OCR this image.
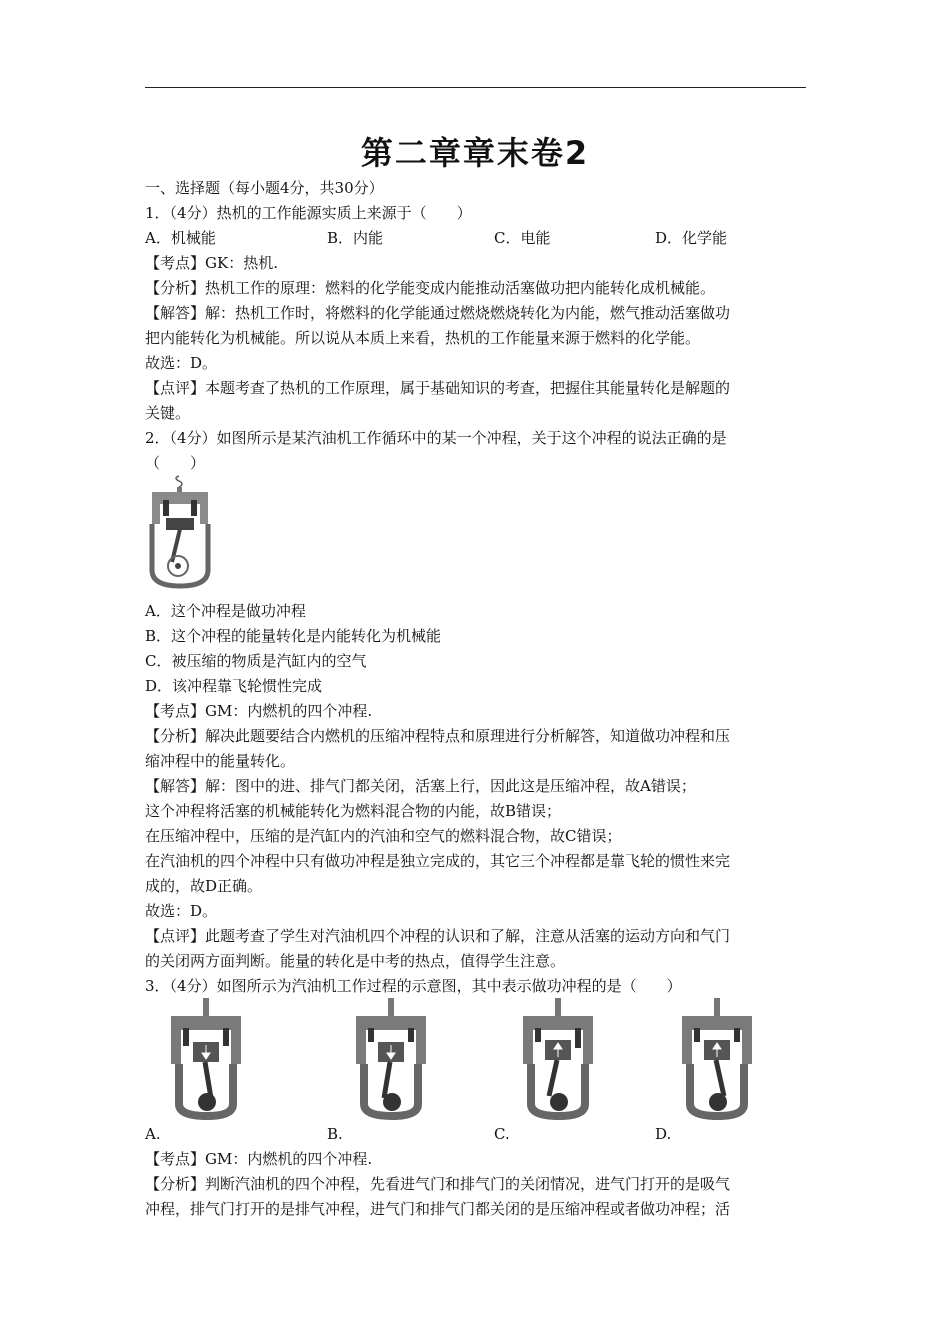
第二章章末卷2
一、选择题（每小题4分，共30分）
1．（4分）热机的工作能源实质上来源于（　　）
A．机械能	B．内能	C．电能	D．化学能
【考点】GK：热机.
【分析】热机工作的原理：燃料的化学能变成内能推动活塞做功把内能转化成机械能。
【解答】解：热机工作时，将燃料的化学能通过燃烧燃烧转化为内能，燃气推动活塞做功
把内能转化为机械能。所以说从本质上来看，热机的工作能量来源于燃料的化学能。
故选：D。
【点评】本题考查了热机的工作原理，属于基础知识的考查，把握住其能量转化是解题的
关键。
2．（4分）如图所示是某汽油机工作循环中的某一个冲程，关于这个冲程的说法正确的是
（　　）
A．这个冲程是做功冲程
B．这个冲程的能量转化是内能转化为机械能
C．被压缩的物质是汽缸内的空气
D．该冲程靠飞轮惯性完成
【考点】GM：内燃机的四个冲程.
【分析】解决此题要结合内燃机的压缩冲程特点和原理进行分析解答，知道做功冲程和压
缩冲程中的能量转化。
【解答】解：图中的进、排气门都关闭，活塞上行，因此这是压缩冲程，故A错误；
这个冲程将活塞的机械能转化为燃料混合物的内能，故B错误；
在压缩冲程中，压缩的是汽缸内的汽油和空气的燃料混合物，故C错误；
在汽油机的四个冲程中只有做功冲程是独立完成的，其它三个冲程都是靠飞轮的惯性来完
成的，故D正确。
故选：D。
【点评】此题考查了学生对汽油机四个冲程的认识和了解，注意从活塞的运动方向和气门
的关闭两方面判断。能量的转化是中考的热点，值得学生注意。
3．（4分）如图所示为汽油机工作过程的示意图，其中表示做功冲程的是（　　）
A.	B.	C.	D.
【考点】GM：内燃机的四个冲程.
【分析】判断汽油机的四个冲程，先看进气门和排气门的关闭情况，进气门打开的是吸气
冲程，排气门打开的是排气冲程，进气门和排气门都关闭的是压缩冲程或者做功冲程；活
